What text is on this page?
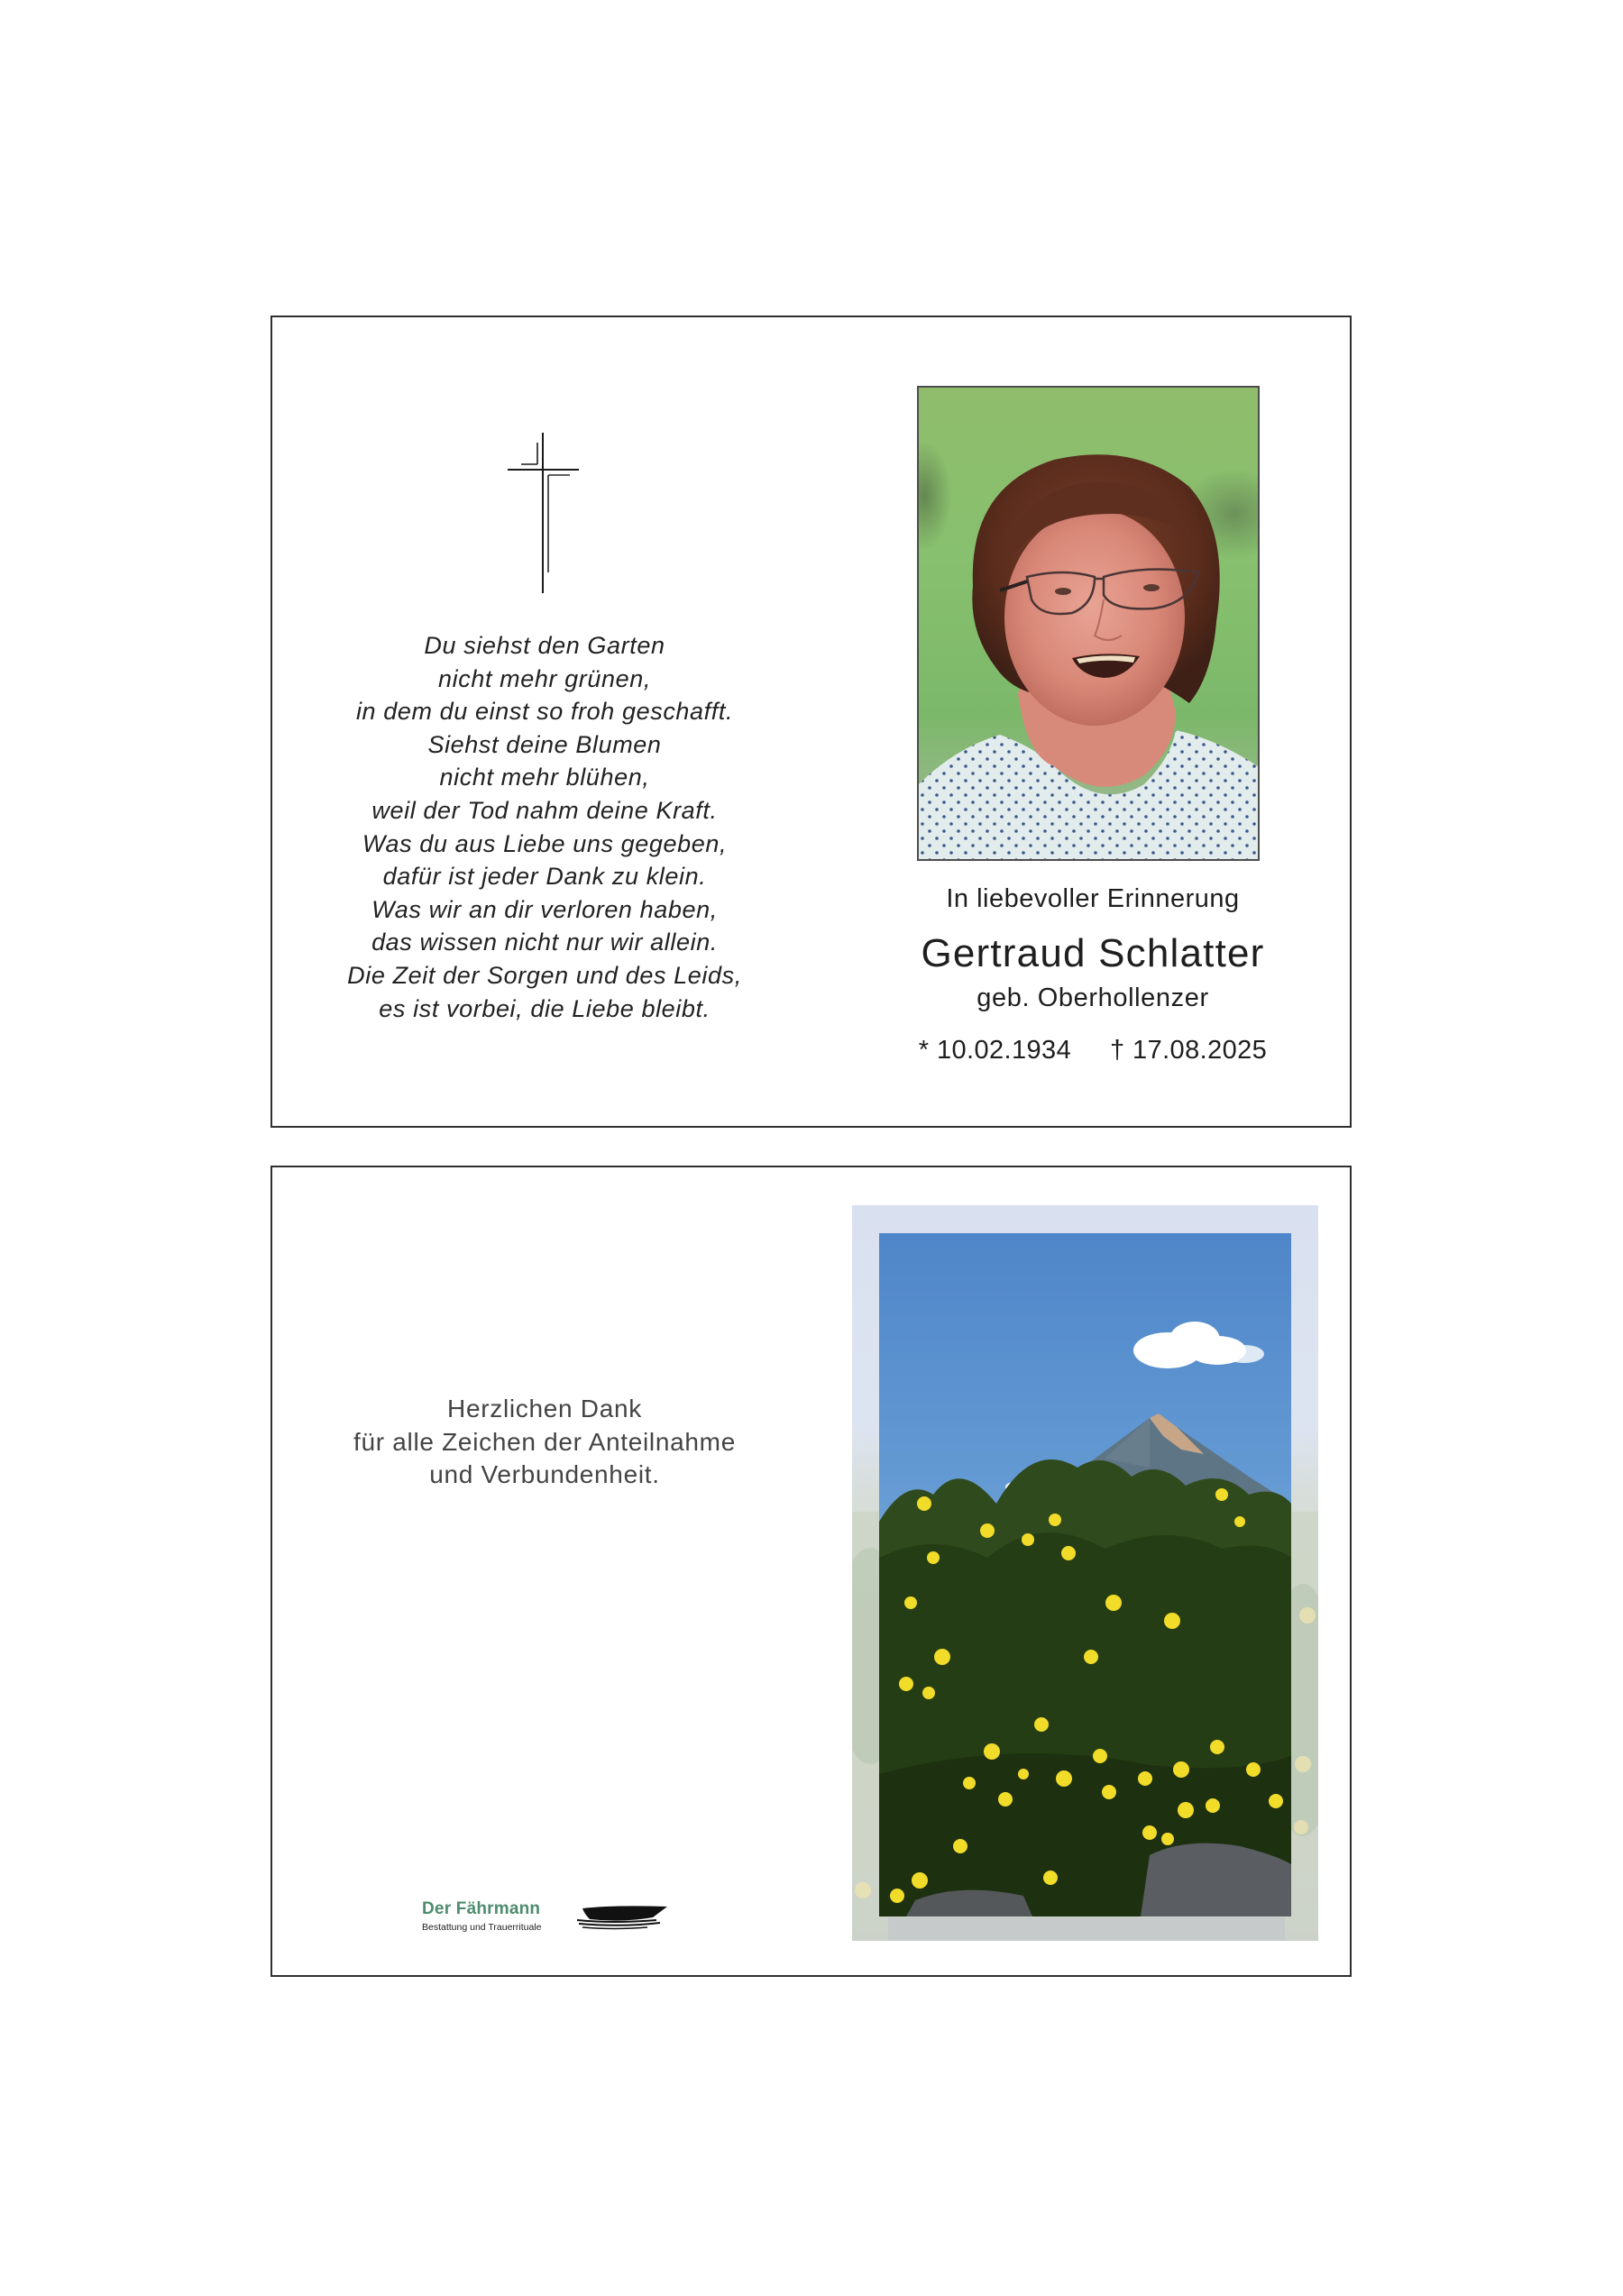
Du siehst den Garten
nicht mehr grünen,
in dem du einst so froh geschafft.
Siehst deine Blumen
nicht mehr blühen,
weil der Tod nahm deine Kraft.
Was du aus Liebe uns gegeben,
dafür ist jeder Dank zu klein.
Was wir an dir verloren haben,
das wissen nicht nur wir allein.
Die Zeit der Sorgen und des Leids,
es ist vorbei, die Liebe bleibt.
In liebevoller Erinnerung
Gertraud Schlatter
geb. Oberhollenzer
* 10.02.1934 † 17.08.2025
Herzlichen Dank
für alle Zeichen der Anteilnahme
und Verbundenheit.
Der Fährmann
Bestattung und Trauerrituale
